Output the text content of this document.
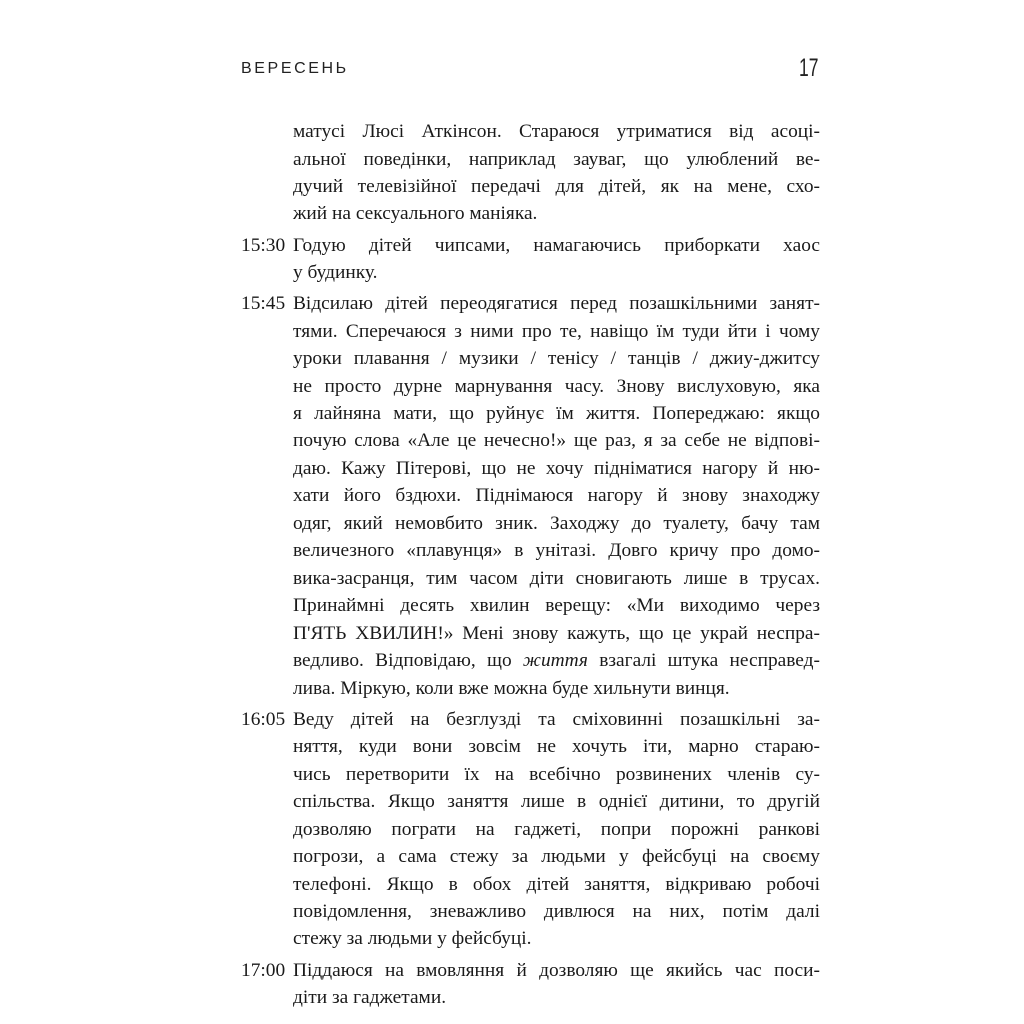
ВЕРЕСЕНЬ	17
матусі Люсі Аткінсон. Стараюся утриматися від асоці-
альної поведінки, наприклад зауваг, що улюблений ве-
дучий телевізійної передачі для дітей, як на мене, схо-
жий на сексуального маніяка.
15:30 Годую дітей чипсами, намагаючись приборкати хаос
у будинку.
15:45 Відсилаю дітей переодягатися перед позашкільними занят-
тями. Сперечаюся з ними про те, навіщо їм туди йти і чому
уроки плавання / музики / тенісу / танців / джиу-джитсу
не просто дурне марнування часу. Знову вислуховую, яка
я лайняна мати, що руйнує їм життя. Попереджаю: якщо
почую слова «Але це нечесно!» ще раз, я за себе не відпові-
даю. Кажу Пітерові, що не хочу підніматися нагору й ню-
хати його бздюхи. Піднімаюся нагору й знову знаходжу
одяг, який немовбито зник. Заходжу до туалету, бачу там
величезного «плавунця» в унітазі. Довго кричу про домо-
вика-засранця, тим часом діти сновигають лише в трусах.
Принаймні десять хвилин верещу: «Ми виходимо через
П'ЯТЬ ХВИЛИН!» Мені знову кажуть, що це украй неспра-
ведливо. Відповідаю, що життя взагалі штука несправед-
лива. Міркую, коли вже можна буде хильнути винця.
16:05 Веду дітей на безглузді та сміховинні позашкільні за-
няття, куди вони зовсім не хочуть іти, марно стараю-
чись перетворити їх на всебічно розвинених членів су-
спільства. Якщо заняття лише в однієї дитини, то другій
дозволяю пограти на гаджеті, попри порожні ранкові
погрози, а сама стежу за людьми у фейсбуці на своєму
телефоні. Якщо в обох дітей заняття, відкриваю робочі
повідомлення, зневажливо дивлюся на них, потім далі
стежу за людьми у фейсбуці.
17:00 Піддаюся на вмовляння й дозволяю ще якийсь час поси-
діти за гаджетами.
